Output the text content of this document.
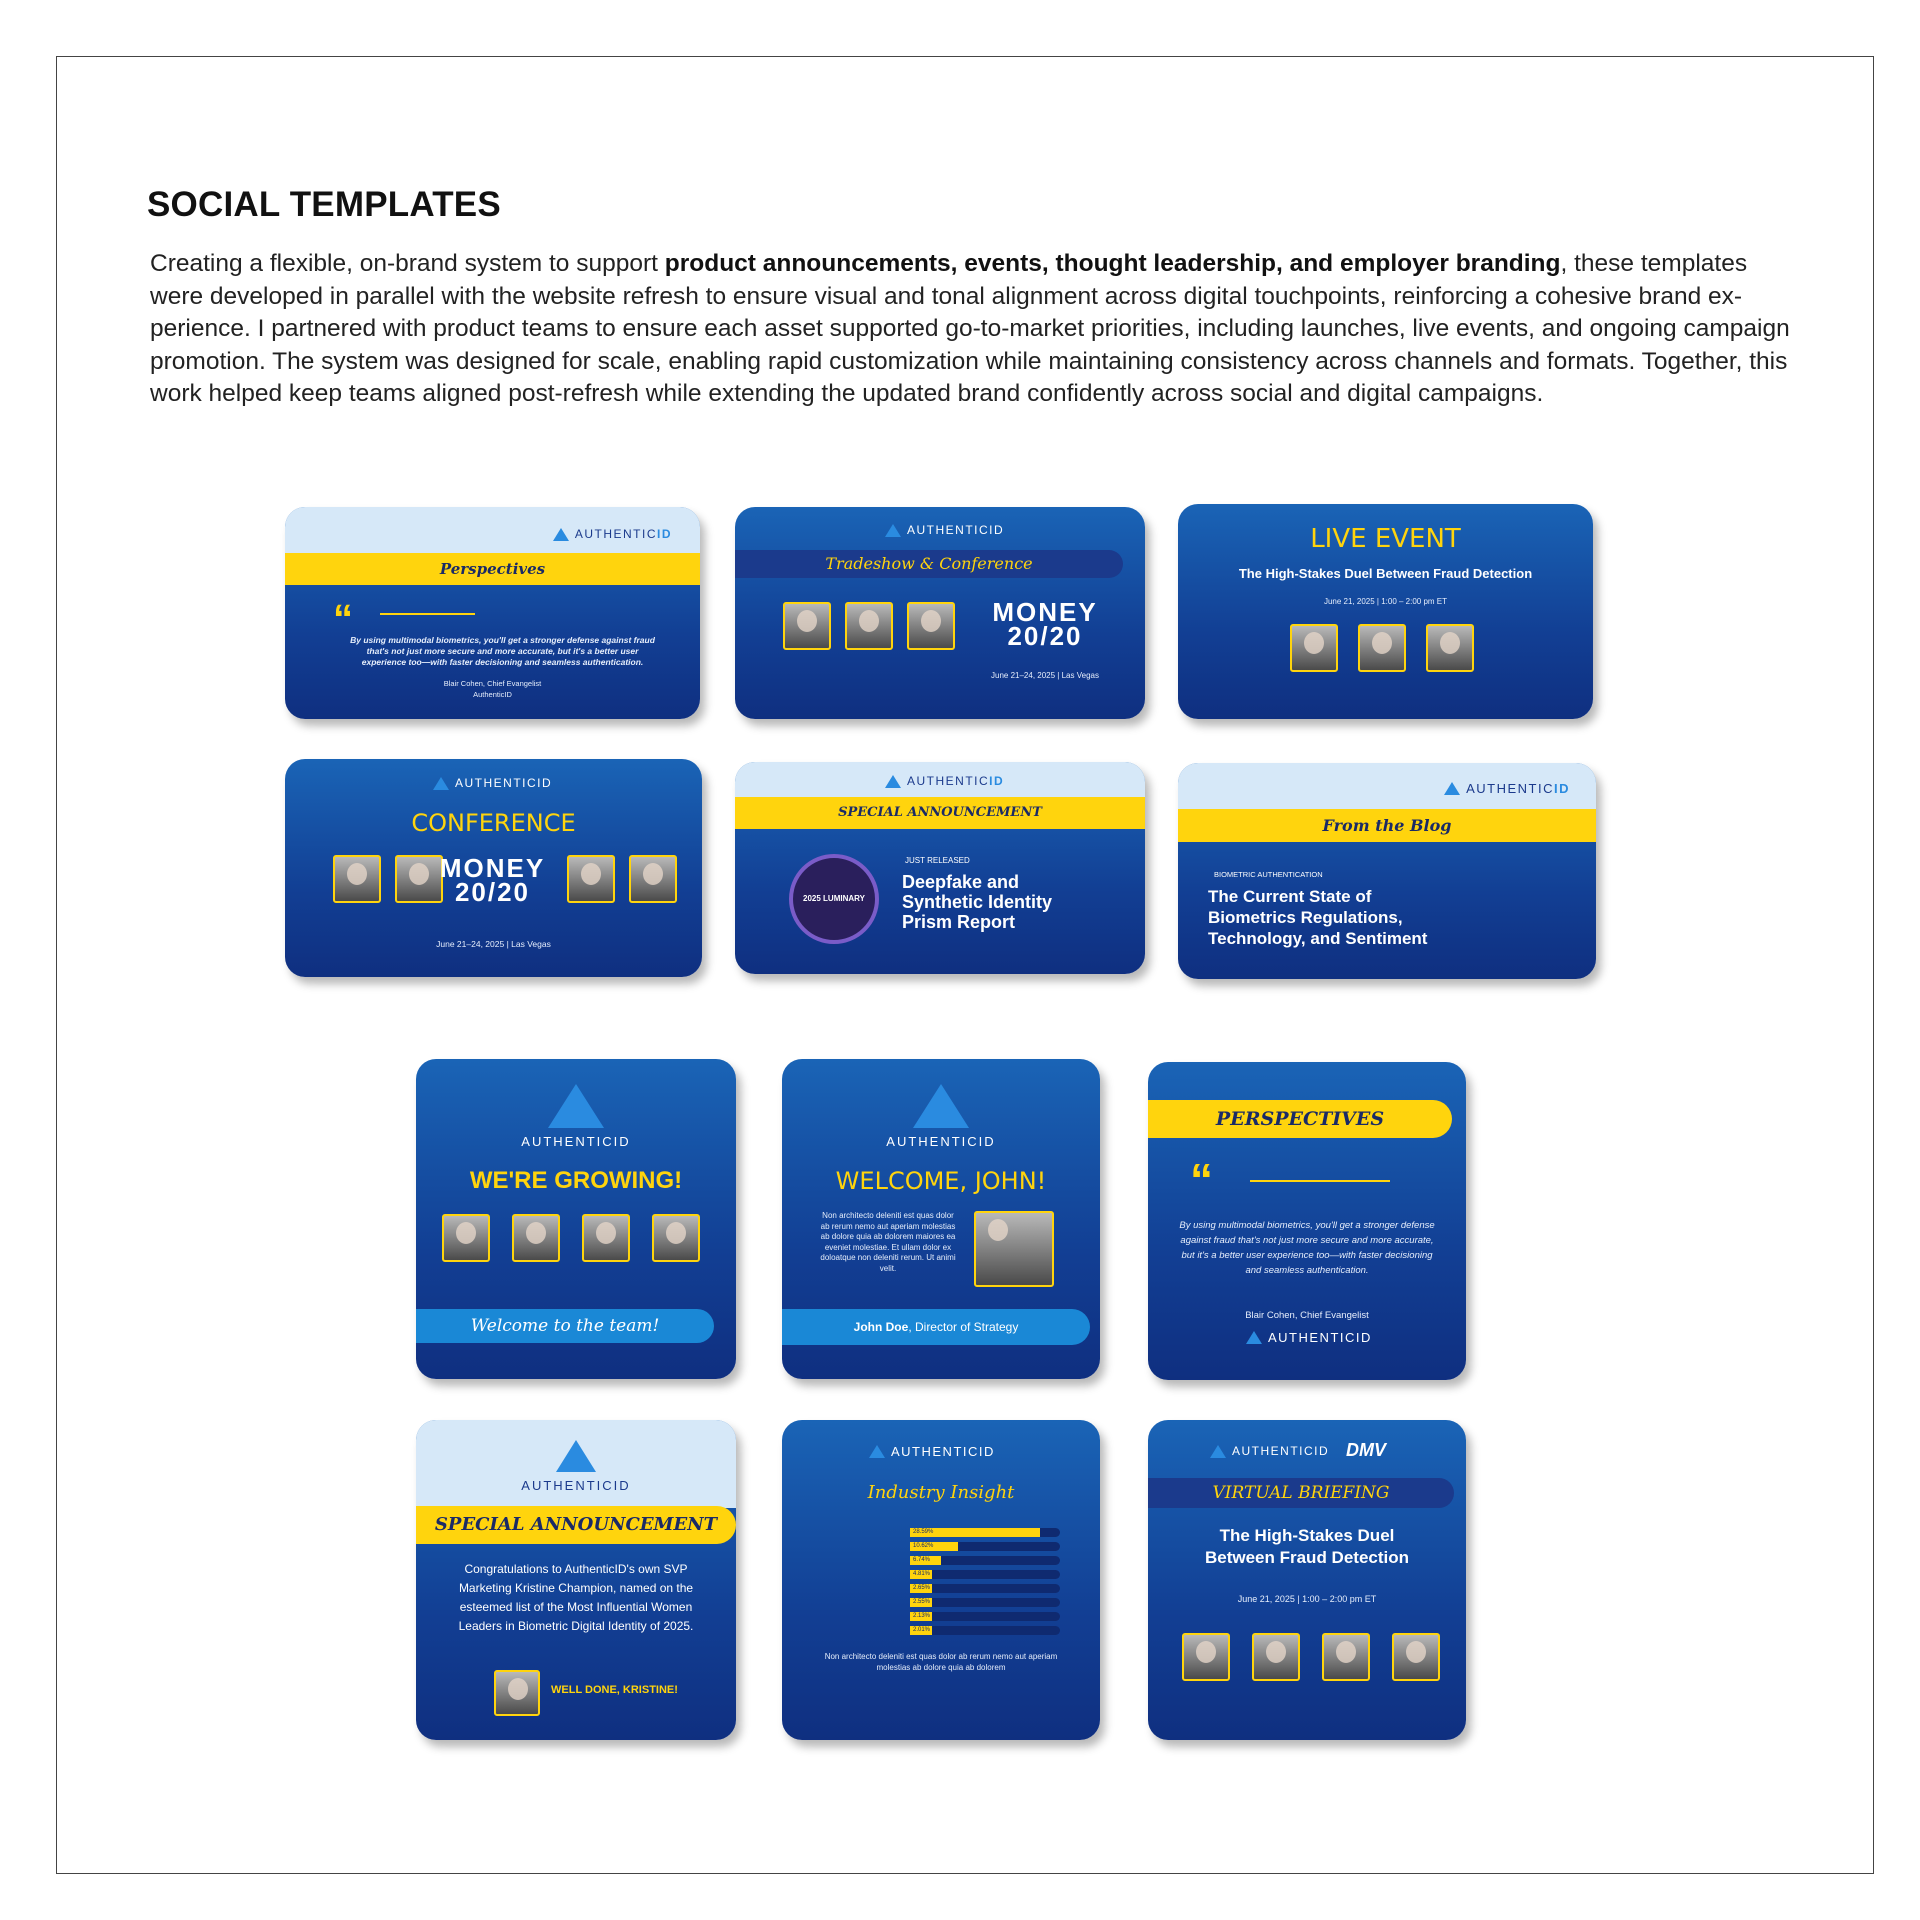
SOCIAL TEMPLATES

Creating a flexible, on-brand system to support product announcements, events, thought leadership, and employer branding, these templates were developed in parallel with the website refresh to ensure visual and tonal alignment across digital touchpoints, reinforcing a cohesive brand experience. I partnered with product teams to ensure each asset supported go-to-market priorities, including launches, live events, and ongoing campaign promotion. The system was designed for scale, enabling rapid customization while maintaining consistency across channels and formats. Together, this work helped keep teams aligned post-refresh while extending the updated brand confidently across social and digital campaigns.

AUTHENTICID
Perspectives
“
By using multimodal biometrics, you'll get a stronger defense against fraud that's not just more secure and more accurate, but it's a better user experience too—with faster decisioning and seamless authentication.
Blair Cohen, Chief Evangelist
AuthenticID
AUTHENTICID
Tradeshow & Conference
MONEY
20/20
June 21–24, 2025 | Las Vegas
LIVE EVENT
The High-Stakes Duel Between Fraud Detection
June 21, 2025 | 1:00 – 2:00 pm ET
AUTHENTICID
CONFERENCE
MONEY
20/20
June 21–24, 2025 | Las Vegas
AUTHENTICID
SPECIAL ANNOUNCEMENT
2025 LUMINARY
JUST RELEASED
Deepfake and
Synthetic Identity
Prism Report
AUTHENTICID
From the Blog
BIOMETRIC AUTHENTICATION
The Current State of
Biometrics Regulations,
Technology, and Sentiment
AUTHENTICID
WE'RE GROWING!
Welcome to the team!
AUTHENTICID
WELCOME, JOHN!
Non architecto deleniti est quas dolor ab rerum nemo aut aperiam molestias ab dolore quia ab dolorem maiores ea eveniet molestiae. Et ullam dolor ex doloatque non deleniti rerum. Ut animi velit.
John Doe, Director of Strategy
PERSPECTIVES
“
By using multimodal biometrics, you'll get a stronger defense against fraud that's not just more secure and more accurate, but it's a better user experience too—with faster decisioning and seamless authentication.
Blair Cohen, Chief Evangelist
AUTHENTICID
AUTHENTICID
SPECIAL ANNOUNCEMENT
Congratulations to AuthenticID's own SVP Marketing Kristine Champion, named on the esteemed list of the Most Influential Women Leaders in Biometric Digital Identity of 2025.
WELL DONE, KRISTINE!
AUTHENTICID
Industry Insight
28.59%
10.62%
6.74%
4.81%
2.65%
2.55%
2.13%
2.01%
Non architecto deleniti est quas dolor ab rerum nemo aut aperiam molestias ab dolore quia ab dolorem
AUTHENTICID DMV
VIRTUAL BRIEFING
The High-Stakes Duel
Between Fraud Detection
June 21, 2025 | 1:00 – 2:00 pm ET
